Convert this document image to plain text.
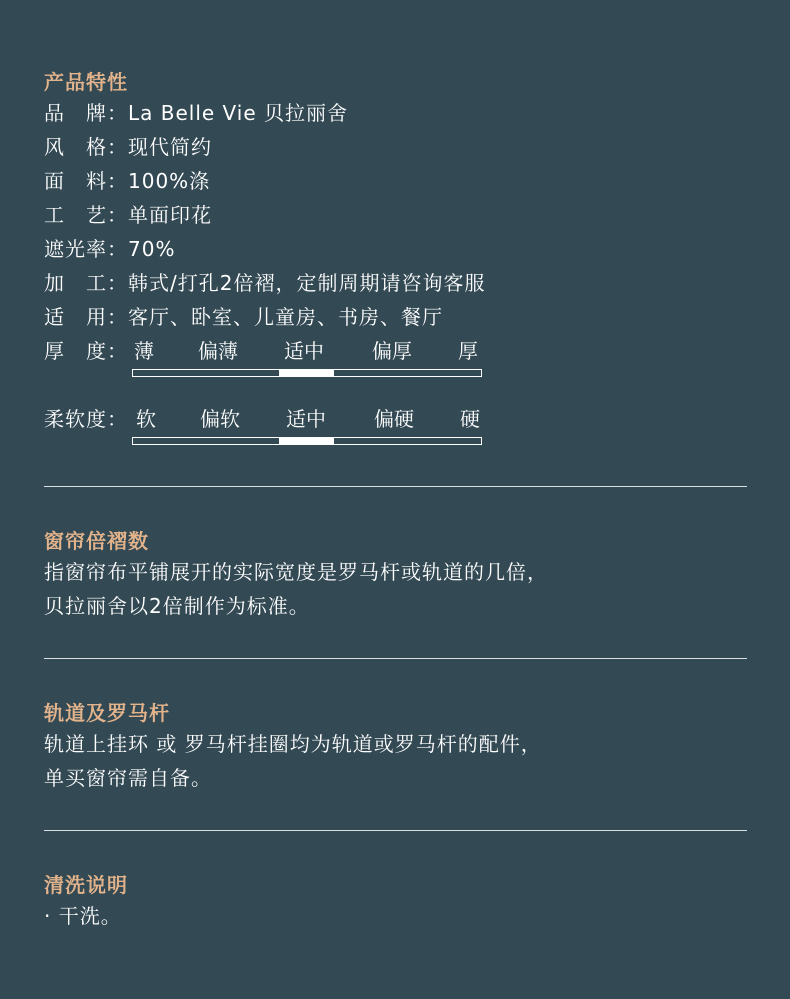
产品特性
品　牌：La Belle Vie 贝拉丽舍
风　格：现代简约
面　料：100%涤
工　艺：单面印花
遮光率：70%
加　工：韩式/打孔2倍褶，定制周期请咨询客服
适　用：客厅、卧室、儿童房、书房、餐厅
厚　度： 薄 偏薄 适中 偏厚 厚
柔软度： 软 偏软 适中 偏硬 硬
窗帘倍褶数
指窗帘布平铺展开的实际宽度是罗马杆或轨道的几倍，
贝拉丽舍以2倍制作为标准。
轨道及罗马杆
轨道上挂环 或 罗马杆挂圈均为轨道或罗马杆的配件，
单买窗帘需自备。
清洗说明
· 干洗。
